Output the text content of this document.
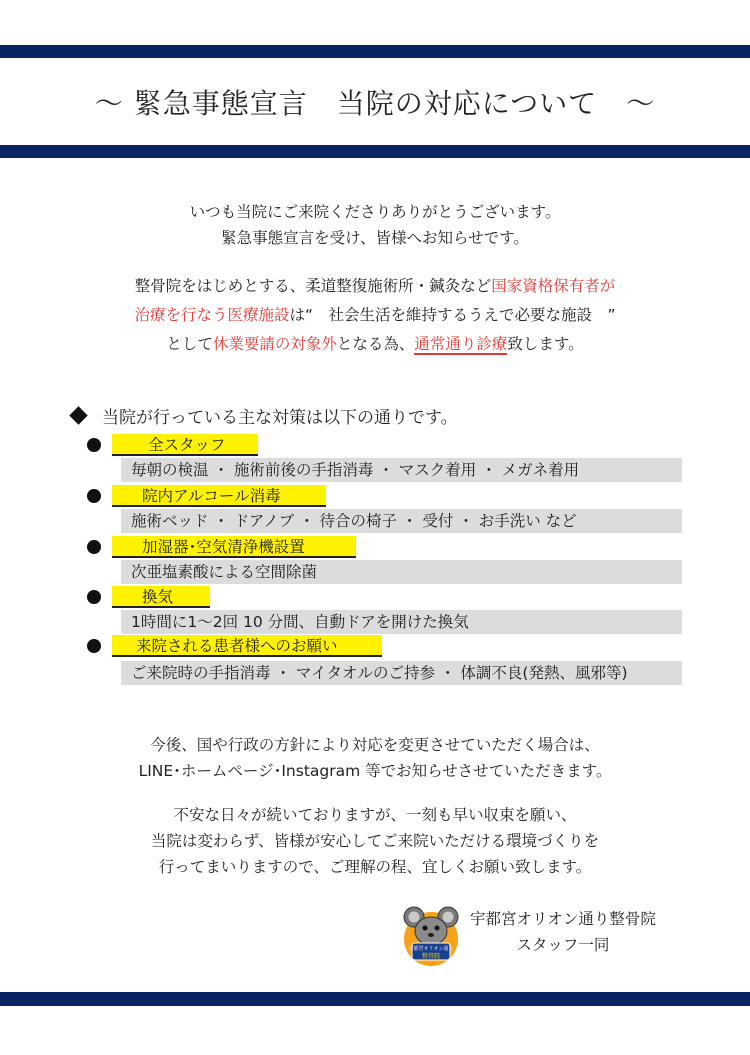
～ 緊急事態宣言　当院の対応について　～
いつも当院にご来院くださりありがとうございます。
緊急事態宣言を受け、皆様へお知らせです。
整骨院をはじめとする、柔道整復施術所・鍼灸など国家資格保有者が
治療を行なう医療施設は“　社会生活を維持するうえで必要な施設　”
として休業要請の対象外となる為、通常通り診療致します。
当院が行っている主な対策は以下の通りです。
全スタッフ
毎朝の検温 ・ 施術前後の手指消毒 ・ マスク着用 ・ メガネ着用
院内アルコール消毒
施術ベッド ・ ドアノブ ・ 待合の椅子 ・ 受付 ・ お手洗い など
加湿器･空気清浄機設置
次亜塩素酸による空間除菌
換気
1時間に1～2回 10 分間、自動ドアを開けた換気
来院される患者様へのお願い
ご来院時の手指消毒 ・ マイタオルのご持参 ・ 体調不良(発熱、風邪等)
今後、国や行政の方針により対応を変更させていただく場合は、
LINE･ホームページ･Instagram 等でお知らせさせていただきます。
不安な日々が続いておりますが、一刻も早い収束を願い、
当院は変わらず、皆様が安心してご来院いただける環境づくりを
行ってまいりますので、ご理解の程、宜しくお願い致します。
宇都宮オリオン通り
整骨院
宇都宮オリオン通り整骨院
スタッフ一同
